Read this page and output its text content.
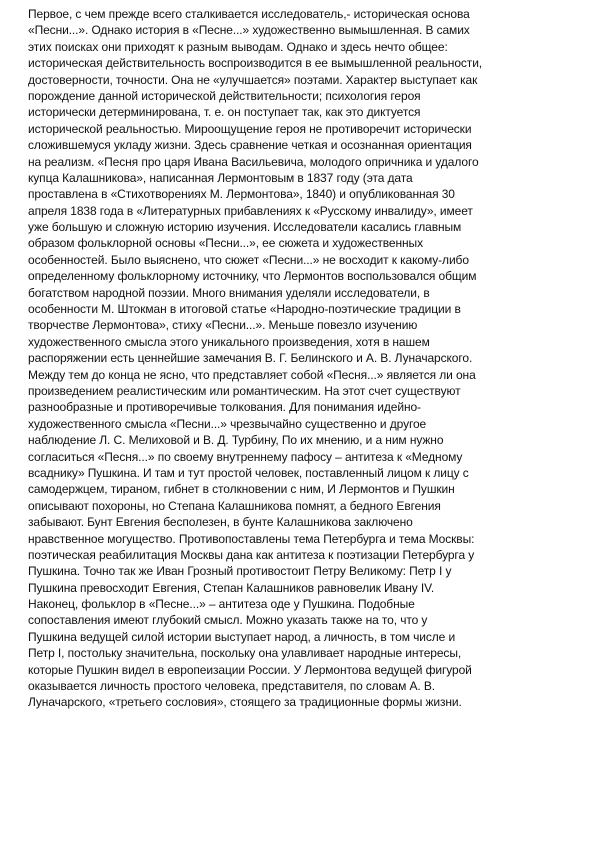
Первое, с чем прежде всего сталкивается исследователь,- историческая основа
«Песни...». Однако история в «Песне...» художественно вымышленная. В самих
этих поисках они приходят к разным выводам. Однако и здесь нечто общее:
историческая действительность воспроизводится в ее вымышленной реальности,
достоверности, точности. Она не «улучшается» поэтами. Характер выступает как
порождение данной исторической действительности; психология героя
исторически детерминирована, т. е. он поступает так, как это диктуется
исторической реальностью. Мироощущение героя не противоречит исторически
сложившемуся укладу жизни. Здесь сравнение четкая и осознанная ориентация
на реализм. «Песня про царя Ивана Васильевича, молодого опричника и удалого
купца Калашникова», написанная Лермонтовым в 1837 году (эта дата
проставлена в «Стихотворениях М. Лермонтова», 1840) и опубликованная 30
апреля 1838 года в «Литературных прибавлениях к «Русскому инвалиду», имеет
уже большую и сложную историю изучения. Исследователи касались главным
образом фольклорной основы «Песни...», ее сюжета и художественных
особенностей. Было выяснено, что сюжет «Песни...» не восходит к какому-либо
определенному фольклорному источнику, что Лермонтов воспользовался общим
богатством народной поэзии. Много внимания уделяли исследователи, в
особенности М. Штокман в итоговой статье «Народно-поэтические традиции в
творчестве Лермонтова», стиху «Песни...». Меньше повезло изучению
художественного смысла этого уникального произведения, хотя в нашем
распоряжении есть ценнейшие замечания В. Г. Белинского и А. В. Луначарского.
Между тем до конца не ясно, что представляет собой «Песня...» является ли она
произведением реалистическим или романтическим. На этот счет существуют
разнообразные и противоречивые толкования. Для понимания идейно-
художественного смысла «Песни...» чрезвычайно существенно и другое
наблюдение Л. С. Мелиховой и В. Д. Турбину, По их мнению, и а ним нужно
согласиться «Песня...» по своему внутреннему пафосу – антитеза к «Медному
всаднику» Пушкина. И там и тут простой человек, поставленный лицом к лицу с
самодержцем, тираном, гибнет в столкновении с ним, И Лермонтов и Пушкин
описывают похороны, но Степана Калашникова помнят, а бедного Евгения
забывают. Бунт Евгения бесполезен, в бунте Калашникова заключено
нравственное могущество. Противопоставлены тема Петербурга и тема Москвы:
поэтическая реабилитация Москвы дана как антитеза к поэтизации Петербурга у
Пушкина. Точно так же Иван Грозный противостоит Петру Великому: Петр I у
Пушкина превосходит Евгения, Степан Калашников равновелик Ивану IV.
Наконец, фольклор в «Песне...» – антитеза оде у Пушкина. Подобные
сопоставления имеют глубокий смысл. Можно указать также на то, что у
Пушкина ведущей силой истории выступает народ, а личность, в том числе и
Петр I, постольку значительна, поскольку она улавливает народные интересы,
которые Пушкин видел в европеизации России. У Лермонтова ведущей фигурой
оказывается личность простого человека, представителя, по словам А. В.
Луначарского, «третьего сословия», стоящего за традиционные формы жизни.
